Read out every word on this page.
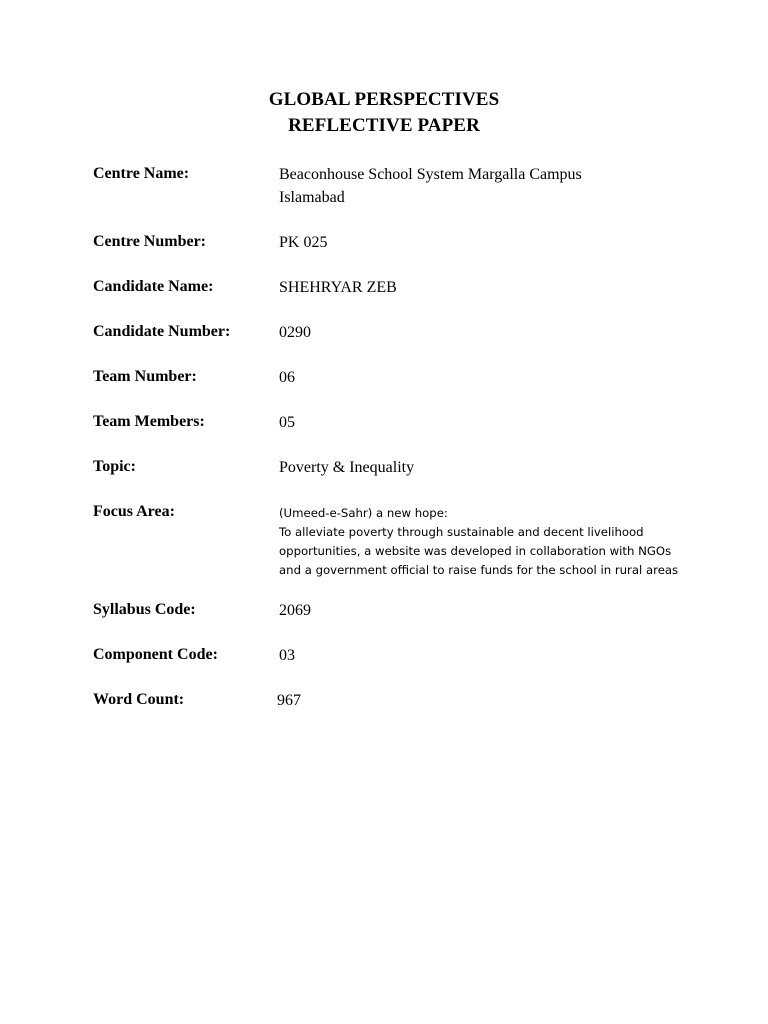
GLOBAL PERSPECTIVES
REFLECTIVE PAPER
Centre Name:	Beaconhouse School System Margalla Campus
Islamabad
Centre Number:	PK 025
Candidate Name:	SHEHRYAR ZEB
Candidate Number:	0290
Team Number:	06
Team Members:	05
Topic:	Poverty & Inequality
Focus Area:	(Umeed-e-Sahr) a new hope:
To alleviate poverty through sustainable and decent livelihood
opportunities, a website was developed in collaboration with NGOs
and a government official to raise funds for the school in rural areas
Syllabus Code:	2069
Component Code:	03
Word Count:	967
